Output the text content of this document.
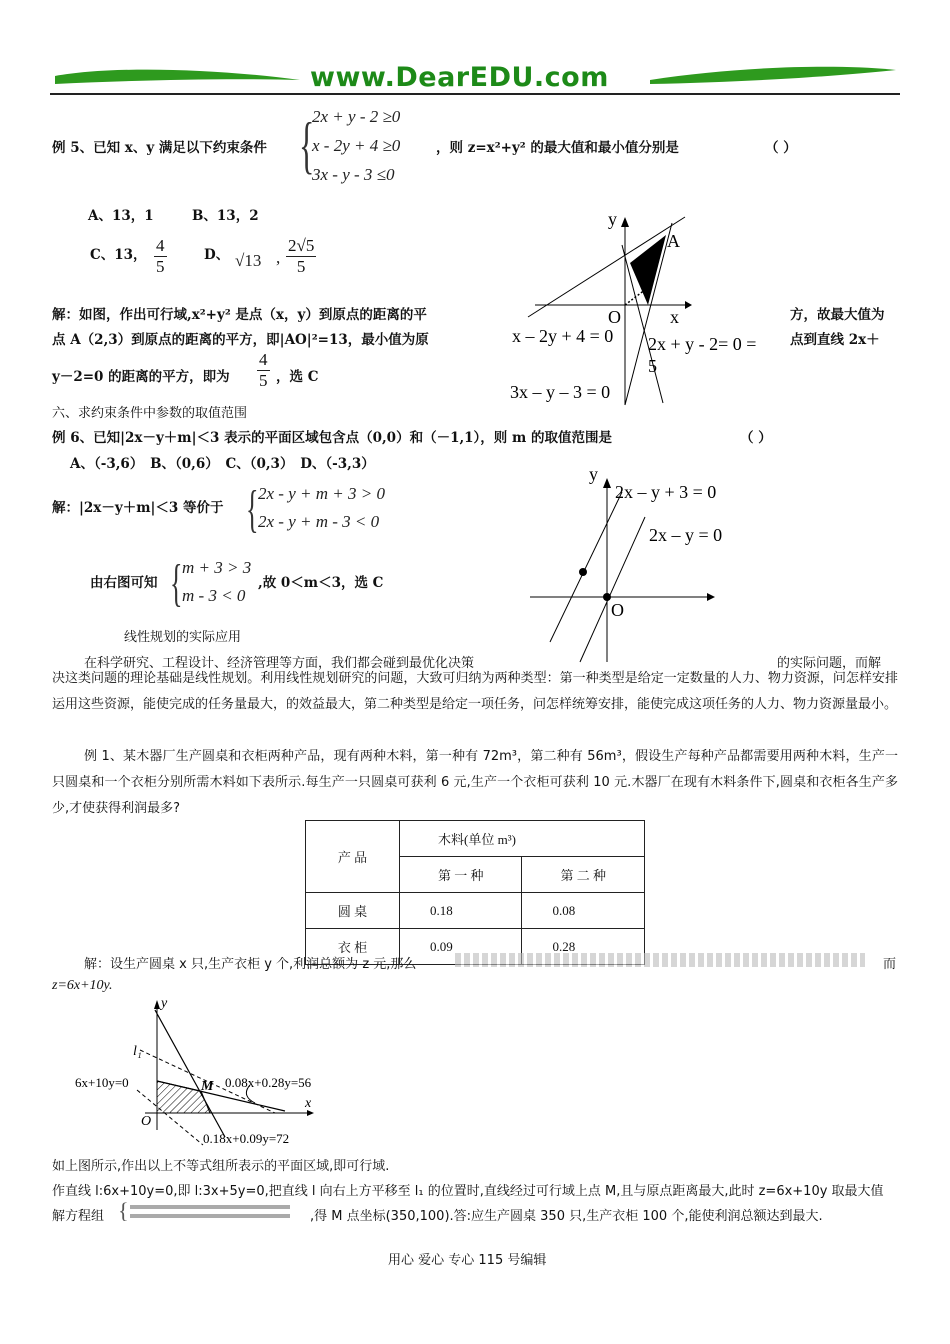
www.DearEDU.com
例 5、已知 x、y 满足以下约束条件 {
2x + y - 2 ≥0
x - 2y + 4 ≥0
3x - y - 3 ≤0
，则 z=x²+y² 的最大值和最小值分别是	（ ）
A、13，1	B、13，2
C、13， $\frac{4}{5}$	D、 √13 , $\frac{2√5}{5}$
解：如图，作出可行域,x²+y² 是点（x，y）到原点的距离的平	方，故最大值为
点 A（2,3）到原点的距离的平方，即|AO|²=13，最小值为原	点到直线 2x＋
y－2=0 的距离的平方，即为 $\frac{4}{5}$ ，选 C
y
x
O
A
x – 2y + 4 = 0 2x + y - 2= 0 =
5
3x – y – 3 = 0
六、求约束条件中参数的取值范围
例 6、已知|2x－y＋m|＜3 表示的平面区域包含点（0,0）和（－1,1），则 m 的取值范围是	（ ）
A、（-3,6）　B、（0,6）　C、（0,3）　D、（-3,3）
解：|2x－y＋m|＜3 等价于 { 2x - y + m + 3 > 0
2x - y + m - 3 < 0
由右图可知 { m + 3 > 3
m - 3 < 0
,故 0＜m＜3，选 C
y
O
2x – y + 3 = 0
2x – y = 0
线性规划的实际应用
在科学研究、工程设计、经济管理等方面，我们都会碰到最优化决策	的实际问题，而解
决这类问题的理论基础是线性规划。利用线性规划研究的问题，大致可归纳为两种类型：第一种类型是给定一定数量的人力、物力资源，问怎样安排运用这些资源，能使完成的任务量最大，的效益最大，第二种类型是给定一项任务，问怎样统筹安排，能使完成这项任务的人力、物力资源量最小。
例 1、某木器厂生产圆桌和衣柜两种产品，现有两种木料，第一种有 72m³，第二种有 56m³，假设生产每种产品都需要用两种木料，生产一只圆桌和一个衣柜分别所需木料如下表所示.每生产一只圆桌可获利 6 元,生产一个衣柜可获利 10 元.木器厂在现有木料条件下,圆桌和衣柜各生产多少,才使获得利润最多?
产 品	木料(单位 m³)	
	第 一 种	第 二 种
圆 桌	0.18	0.08
衣 柜	0.09	0.28
解：设生产圆桌 x 只,生产衣柜 y 个,利润总额为 z 元,那么	而
z=6x+10y.
y
x
O
M
l₁
6x+10y=0	0.08x+0.28y=56
0.18x+0.09y=72
如上图所示,作出以上不等式组所表示的平面区域,即可行域.
作直线 l:6x+10y=0,即 l:3x+5y=0,把直线 l 向右上方平移至 l₁ 的位置时,直线经过可行域上点 M,且与原点距离最大,此时 z=6x+10y 取最大值
解方程组 {	,得 M 点坐标(350,100).答:应生产圆桌 350 只,生产衣柜 100 个,能使利润总额达到最大.
用心 爱心 专心 115 号编辑
